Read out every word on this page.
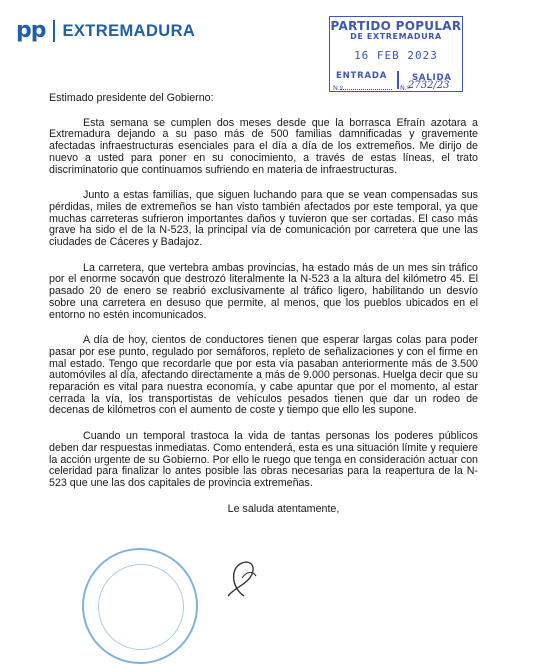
pp EXTREMADURA	PARTIDO POPULAR
DE EXTREMADURA
16 FEB 2023
ENTRADA	SALIDA
N.º	N.º
2732/23

Estimado presidente del Gobierno:

Esta semana se cumplen dos meses desde que la borrasca Efraín azotara a Extremadura dejando a su paso más de 500 familias damnificadas y gravemente afectadas infraestructuras esenciales para el día a día de los extremeños. Me dirijo de nuevo a usted para poner en su conocimiento, a través de estas líneas, el trato discriminatorio que continuamos sufriendo en materia de infraestructuras.

Junto a estas familias, que siguen luchando para que se vean compensadas sus pérdidas, miles de extremeños se han visto también afectados por este temporal, ya que muchas carreteras sufrieron importantes daños y tuvieron que ser cortadas. El caso más grave ha sido el de la N-523, la principal vía de comunicación por carretera que une las ciudades de Cáceres y Badajoz.

La carretera, que vertebra ambas provincias, ha estado más de un mes sin tráfico por el enorme socavón que destrozó literalmente la N-523 a la altura del kilómetro 45. El pasado 20 de enero se reabrió exclusivamente al tráfico ligero, habilitando un desvío sobre una carretera en desuso que permite, al menos, que los pueblos ubicados en el entorno no estén incomunicados.

A día de hoy, cientos de conductores tienen que esperar largas colas para poder pasar por ese punto, regulado por semáforos, repleto de señalizaciones y con el firme en mal estado. Tengo que recordarle que por esta vía pasaban anteriormente más de 3.500 automóviles al día, afectando directamente a más de 9.000 personas. Huelga decir que su reparación es vital para nuestra economía, y cabe apuntar que por el momento, al estar cerrada la vía, los transportistas de vehículos pesados tienen que dar un rodeo de decenas de kilómetros con el aumento de coste y tiempo que ello les supone.

Cuando un temporal trastoca la vida de tantas personas los poderes públicos deben dar respuestas inmediatas. Como entenderá, esta es una situación límite y requiere la acción urgente de su Gobierno. Por ello le ruego que tenga en consideración actuar con celeridad para finalizar lo antes posible las obras necesarias para la reapertura de la N-523 que une las dos capitales de provincia extremeñas.

Le saluda atentamente,
